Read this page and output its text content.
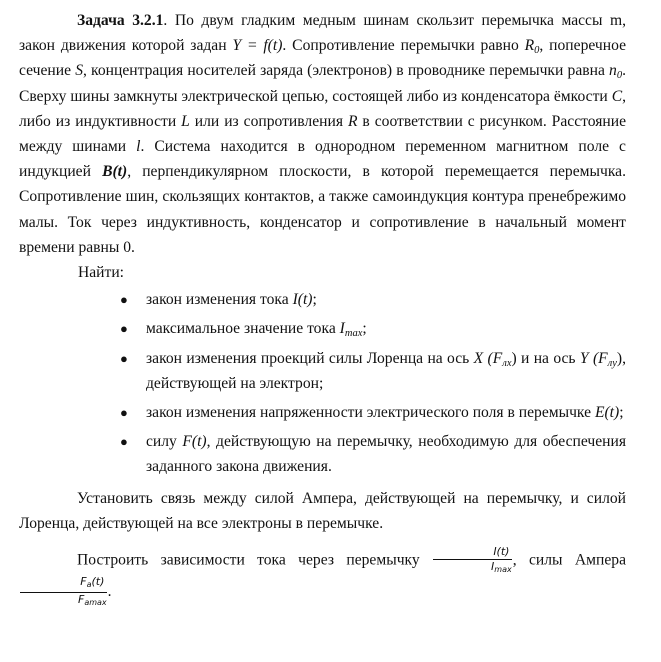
Задача 3.2.1. По двум гладким медным шинам скользит перемычка массы m, закон движения которой задан Y = f(t). Сопротивление перемычки равно $R_0$, поперечное сечение S, концентрация носителей заряда (электронов) в проводнике перемычки равна $n_0$. Сверху шины замкнуты электрической цепью, состоящей либо из конденсатора ёмкости C, либо из индуктивности L или из сопротивления R в соответствии с рисунком. Расстояние между шинами l. Система находится в однородном переменном магнитном поле с индукцией B(t), перпендикулярном плоскости, в которой перемещается перемычка. Сопротивление шин, скользящих контактов, а также самоиндукция контура пренебрежимо малы. Ток через индуктивность, конденсатор и сопротивление в начальный момент времени равны 0.

Найти:

● закон изменения тока I(t);
● максимальное значение тока $I_{max}$;
● закон изменения проекций силы Лоренца на ось X $(F_{лx})$ и на ось Y $(F_{лy})$, действующей на электрон;
● закон изменения напряженности электрического поля в перемычке E(t);
● силу F(t), действующую на перемычку, необходимую для обеспечения заданного закона движения.

Установить связь между силой Ампера, действующей на перемычку, и силой Лоренца, действующей на все электроны в перемычке.

Построить зависимости тока через перемычку $\frac{I(t)}{Imax}$ , силы Ампера
$\frac{Fa(t)}{Famax}$ .
